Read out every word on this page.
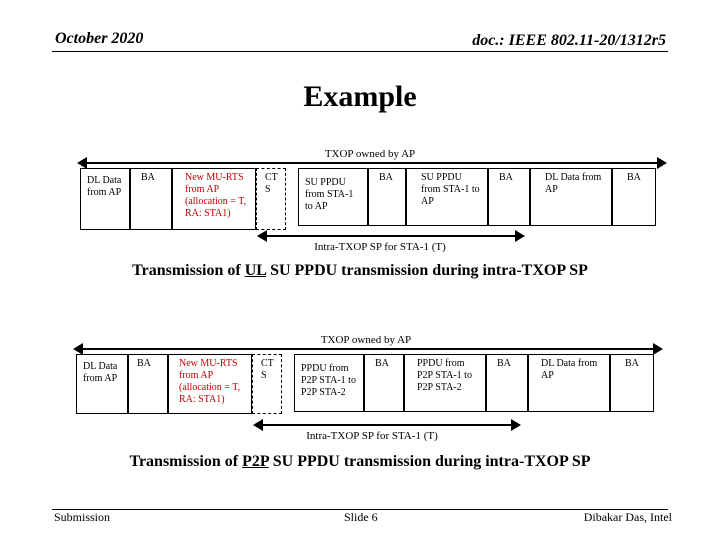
October 2020	doc.: IEEE 802.11-20/1312r5
Example
TXOP owned by AP
DL Data from AP
BA	New MU-RTS from AP (allocation = T, RA: STA1)
CT S
SU PPDU from STA-1 to AP
BA	SU PPDU from STA-1 to AP
BA	DL Data from AP
BA
Intra-TXOP SP for STA-1 (T)
Transmission of UL SU PPDU transmission during intra-TXOP SP
TXOP owned by AP
DL Data from AP
BA	New MU-RTS from AP (allocation = T, RA: STA1)
CT S
PPDU from P2P STA-1 to P2P STA-2
BA	PPDU from P2P STA-1 to P2P STA-2
BA	DL Data from AP
BA
Intra-TXOP SP for STA-1 (T)
Transmission of P2P SU PPDU transmission during intra-TXOP SP
Submission	Slide 6	Dibakar Das, Intel
